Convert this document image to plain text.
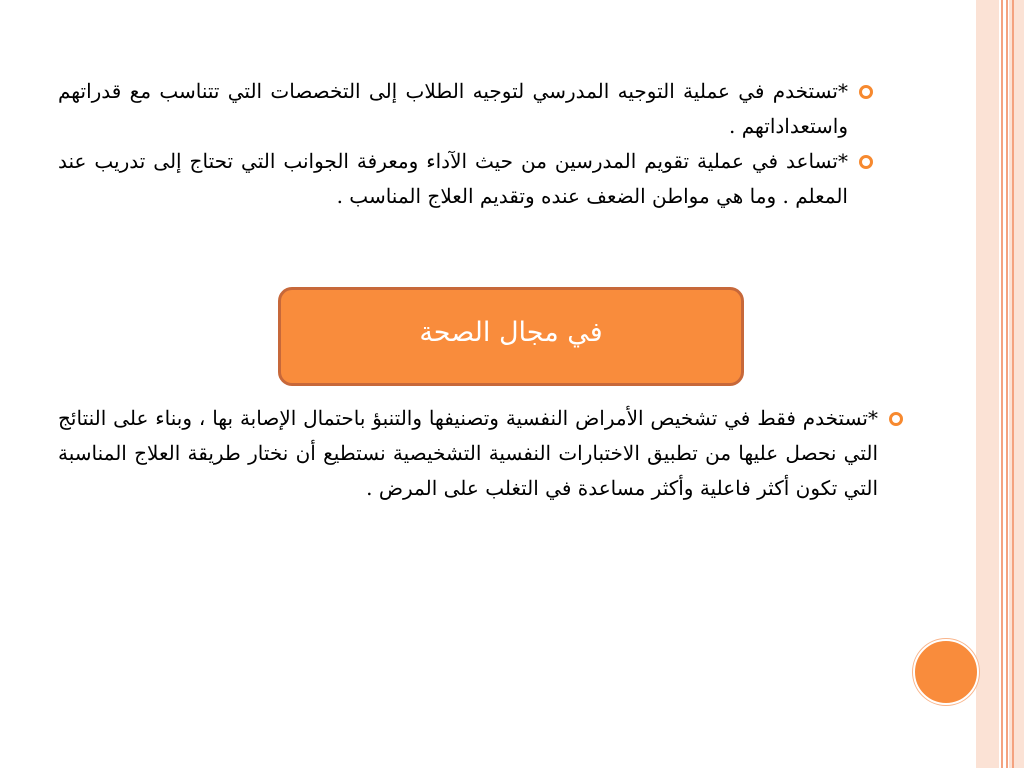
*تستخدم في عملية التوجيه المدرسي لتوجيه الطلاب إلى التخصصات التي تتناسب مع قدراتهم واستعداداتهم .
*تساعد في عملية تقويم المدرسين من حيث الآداء ومعرفة الجوانب التي تحتاج إلى تدريب عند المعلم . وما هي مواطن الضعف عنده وتقديم العلاج المناسب .
*تستخدم فقط في تشخيص الأمراض النفسية وتصنيفها والتنبؤ باحتمال الإصابة بها ، وبناء على النتائج التي نحصل عليها من تطبيق الاختبارات النفسية التشخيصية نستطيع أن نختار طريقة العلاج المناسبة التي تكون أكثر فاعلية وأكثر مساعدة في التغلب على المرض .
في مجال الصحة
